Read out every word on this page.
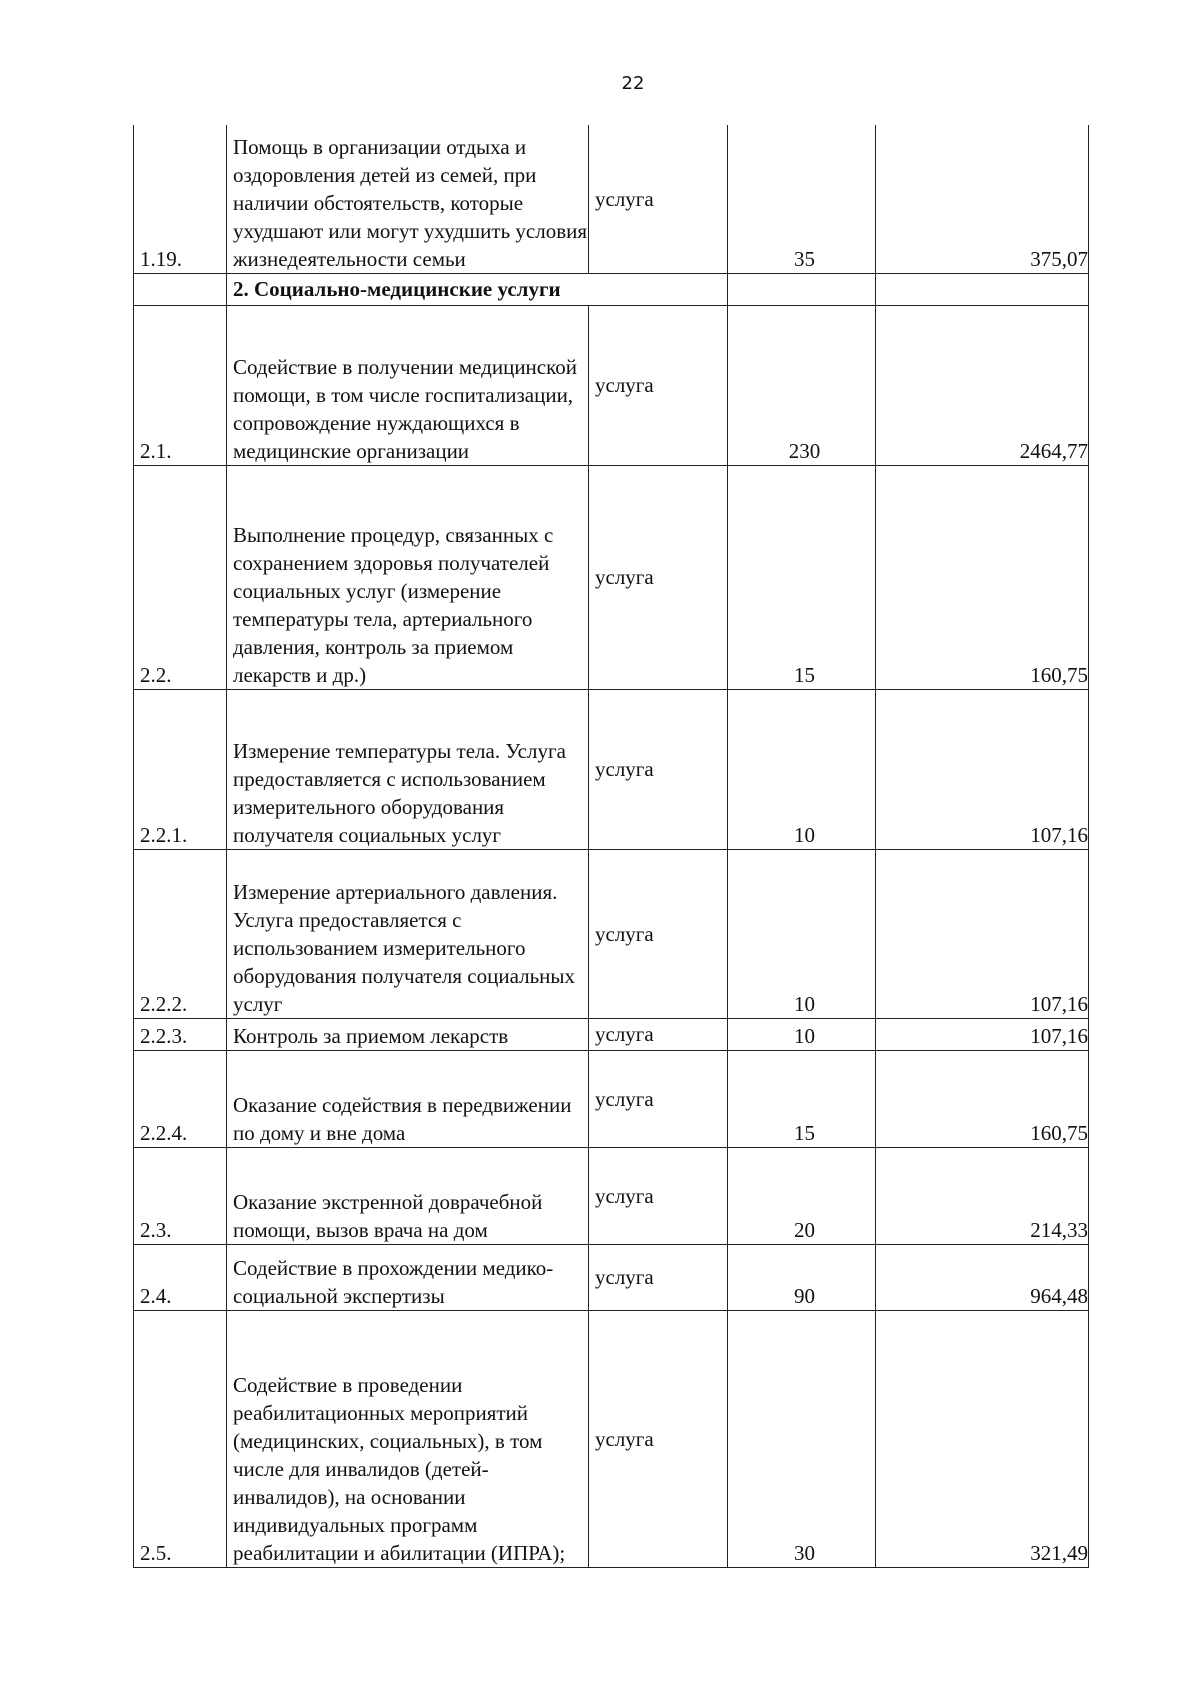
22
1.19.	Помощь в организации отдыха и оздоровления детей из семей, при наличии обстоятельств, которые ухудшают или могут ухудшить условия жизнедеятельности семьи	услуга	35	375,07
	2. Социально-медицинские услуги			
2.1.	Содействие в получении медицинской помощи, в том числе госпитализации, сопровождение нуждающихся в медицинские организации	услуга	230	2464,77
2.2.	Выполнение процедур, связанных с сохранением здоровья получателей социальных услуг (измерение температуры тела, артериального давления, контроль за приемом лекарств и др.)	услуга	15	160,75
2.2.1.	Измерение температуры тела. Услуга предоставляется с использованием измерительного оборудования получателя социальных услуг	услуга	10	107,16
2.2.2.	Измерение артериального давления. Услуга предоставляется с использованием измерительного оборудования получателя социальных услуг	услуга	10	107,16
2.2.3.	Контроль за приемом лекарств	услуга	10	107,16
2.2.4.	Оказание содействия в передвижении по дому и вне дома	услуга	15	160,75
2.3.	Оказание экстренной доврачебной помощи, вызов врача на дом	услуга	20	214,33
2.4.	Содействие в прохождении медико-социальной экспертизы	услуга	90	964,48
2.5.	Содействие в проведении реабилитационных мероприятий (медицинских, социальных), в том числе для инвалидов (детей-инвалидов), на основании индивидуальных программ реабилитации и абилитации (ИПРА);	услуга	30	321,49
